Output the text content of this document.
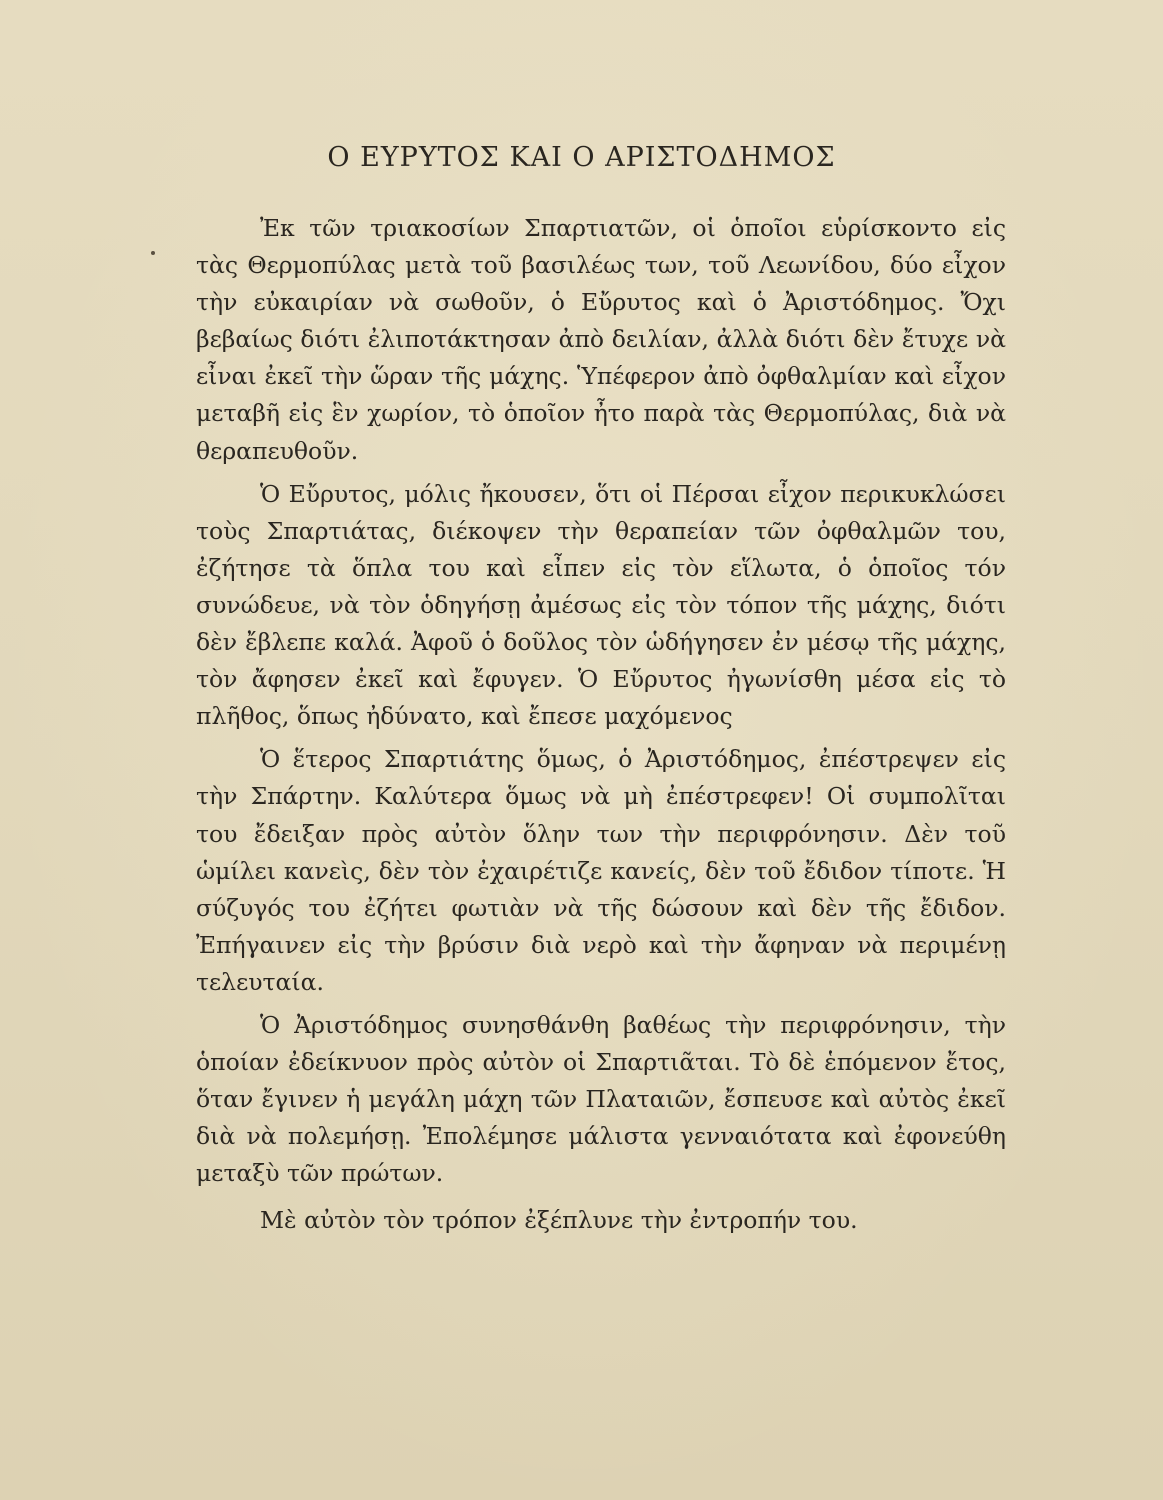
Ο ΕΥΡΥΤΟΣ ΚΑΙ Ο ΑΡΙΣΤΟΔΗΜΟΣ

Ἐκ τῶν τριακοσίων Σπαρτιατῶν, οἱ ὁποῖοι εὑρίσκοντο εἰς τὰς Θερμοπύλας μετὰ τοῦ βασιλέως των, τοῦ Λεωνίδου, δύο εἶχον τὴν εὐκαιρίαν νὰ σωθοῦν, ὁ Εὔρυτος καὶ ὁ Ἀριστόδημος. Ὄχι βεβαίως διότι ἐλιποτάκτησαν ἀπὸ δειλίαν, ἀλλὰ διότι δὲν ἔτυχε νὰ εἶναι ἐκεῖ τὴν ὥραν τῆς μάχης. Ὑπέφερον ἀπὸ ὀφθαλμίαν καὶ εἶχον μεταβῆ εἰς ἓν χωρίον, τὸ ὁποῖον ἦτο παρὰ τὰς Θερμοπύλας, διὰ νὰ θεραπευθοῦν.

Ὁ Εὔρυτος, μόλις ἤκουσεν, ὅτι οἱ Πέρσαι εἶχον περικυκλώσει τοὺς Σπαρτιάτας, διέκοψεν τὴν θεραπείαν τῶν ὀφθαλμῶν του, ἐζήτησε τὰ ὅπλα του καὶ εἶπεν εἰς τὸν εἵλωτα, ὁ ὁποῖος τόν συνώδευε, νὰ τὸν ὁδηγήσῃ ἀμέσως εἰς τὸν τόπον τῆς μάχης, διότι δὲν ἔβλεπε καλά. Ἀφοῦ ὁ δοῦλος τὸν ὡδήγησεν ἐν μέσῳ τῆς μάχης, τὸν ἄφησεν ἐκεῖ καὶ ἔφυγεν. Ὁ Εὔρυτος ἠγωνίσθη μέσα εἰς τὸ πλῆθος, ὅπως ἠδύνατο, καὶ ἔπεσε μαχόμενος

Ὁ ἕτερος Σπαρτιάτης ὅμως, ὁ Ἀριστόδημος, ἐπέστρεψεν εἰς τὴν Σπάρτην. Καλύτερα ὅμως νὰ μὴ ἐπέστρεφεν! Οἱ συμπολῖται του ἔδειξαν πρὸς αὐτὸν ὅλην των τὴν περιφρόνησιν. Δὲν τοῦ ὡμίλει κανεὶς, δὲν τὸν ἐχαιρέτιζε κανείς, δὲν τοῦ ἔδιδον τίποτε. Ἡ σύζυγός του ἐζήτει φωτιὰν νὰ τῆς δώσουν καὶ δὲν τῆς ἔδιδον. Ἐπήγαινεν εἰς τὴν βρύσιν διὰ νερὸ καὶ τὴν ἄφηναν νὰ περιμένῃ τελευταία.

Ὁ Ἀριστόδημος συνησθάνθη βαθέως τὴν περιφρόνησιν, τὴν ὁποίαν ἐδείκνυον πρὸς αὐτὸν οἱ Σπαρτιᾶται. Τὸ δὲ ἑπόμενον ἔτος, ὅταν ἔγινεν ἡ μεγάλη μάχη τῶν Πλαταιῶν, ἔσπευσε καὶ αὐτὸς ἐκεῖ διὰ νὰ πολεμήσῃ. Ἐπολέμησε μάλιστα γενναιότατα καὶ ἐφονεύθη μεταξὺ τῶν πρώτων.

Μὲ αὐτὸν τὸν τρόπον ἐξέπλυνε τὴν ἐντροπήν του.
